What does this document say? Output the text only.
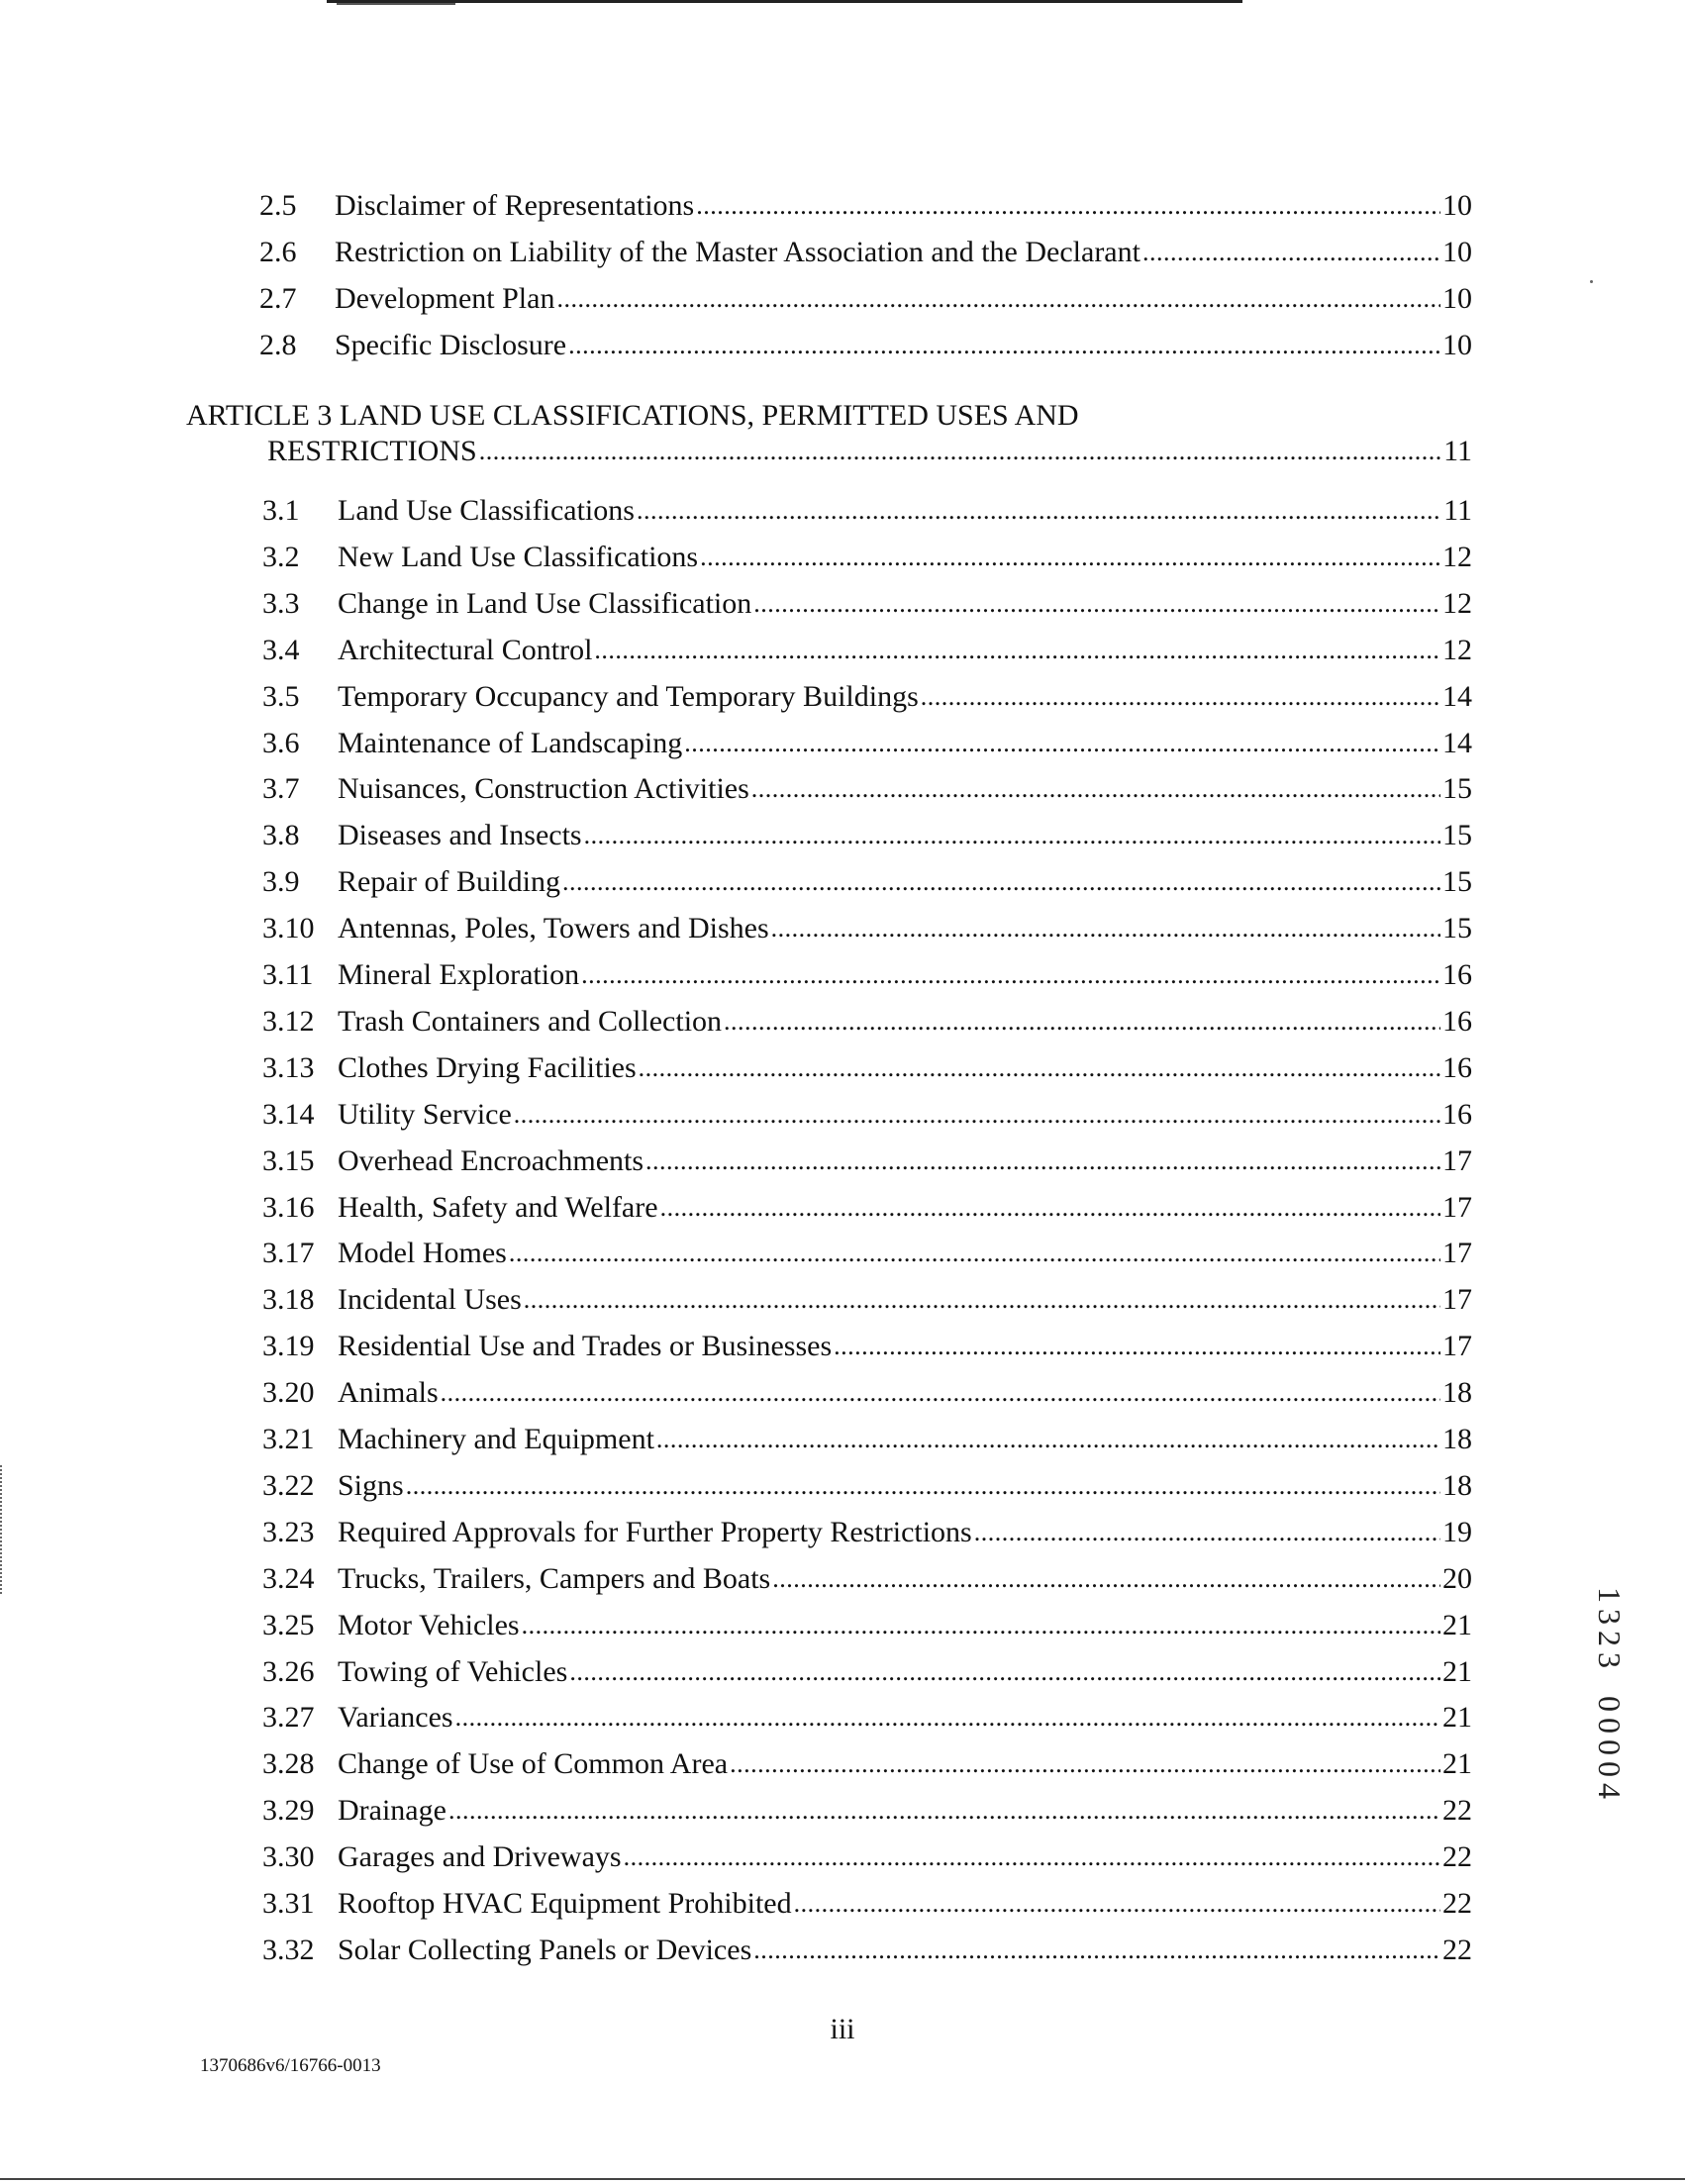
2.5	Disclaimer of Representations . . .	10
2.6	Restriction on Liability of the Master Association and the Declarant . . .	10
2.7	Development Plan . . .	10
2.8	Specific Disclosure . . .	10
ARTICLE 3 LAND USE CLASSIFICATIONS, PERMITTED USES AND
RESTRICTIONS . . .	11
3.1	Land Use Classifications . . .	11
3.2	New Land Use Classifications . . .	12
3.3	Change in Land Use Classification . . .	12
3.4	Architectural Control . . .	12
3.5	Temporary Occupancy and Temporary Buildings . . .	14
3.6	Maintenance of Landscaping . . .	14
3.7	Nuisances, Construction Activities . . .	15
3.8	Diseases and Insects . . .	15
3.9	Repair of Building . . .	15
3.10 Antennas, Poles, Towers and Dishes . . .	15
3.11 Mineral Exploration . . .	16
3.12 Trash Containers and Collection . . .	16
3.13 Clothes Drying Facilities . . .	16
3.14 Utility Service . . .	16
3.15 Overhead Encroachments . . .	17
3.16 Health, Safety and Welfare . . .	17
3.17 Model Homes . . .	17
3.18 Incidental Uses . . .	17
3.19 Residential Use and Trades or Businesses . . .	17
3.20 Animals . . .	18
3.21 Machinery and Equipment . . .	18
3.22 Signs . . .	18
3.23 Required Approvals for Further Property Restrictions . . .	19
3.24 Trucks, Trailers, Campers and Boats . . .	20
3.25 Motor Vehicles . . .	21
3.26 Towing of Vehicles . . .	21
3.27 Variances . . .	21
3.28 Change of Use of Common Area . . .	21
3.29 Drainage . . .	22
3.30 Garages and Driveways . . .	22
3.31 Rooftop HVAC Equipment Prohibited . . .	22
3.32 Solar Collecting Panels or Devices . . .	22
iii
1370686v6/16766-0013
1
3
2
3

0
0
0
0
4
